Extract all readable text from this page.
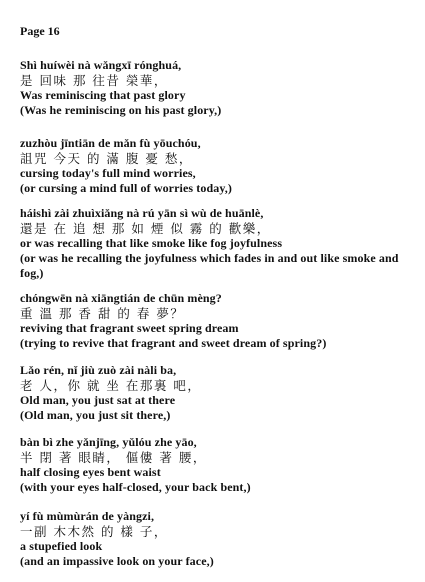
Page 16
Shì huíwèi nà wǎngxī rónghuá,
是 回味 那 往昔 榮華，
Was reminiscing that past glory
(Was he reminiscing on his past glory,)
zuzhòu jīntiān de mǎn fù yōuchóu,
詛咒 今天 的 滿 腹 憂 愁，
cursing today's full mind worries,
(or cursing a mind full of worries today,)
háishì zài zhuìxiǎng nà rú yān sì wù de huānlè,
還是 在 追 想 那 如 煙 似 霧 的 歡樂，
or was recalling that like smoke like fog joyfulness
(or was he recalling the joyfulness which fades in and out like smoke and fog,)
chóngwēn nà xiāngtián de chūn mèng?
重 溫 那 香 甜 的 春 夢？
reviving that fragrant sweet spring dream
(trying to revive that fragrant and sweet dream of spring?)
Lǎo rén, nǐ jiù zuò zài nàli ba,
老 人，你 就 坐 在那裏 吧，
Old man, you just sat at there
(Old man, you just sit there,)
bàn bì zhe yǎnjīng, yǔlóu zhe yāo,
半 閉 著 眼睛， 傴僂 著 腰，
half closing eyes bent waist
(with your eyes half-closed, your back bent,)
yí fù mùmùrán de yàngzi,
一副 木木然 的 樣 子，
a stupefied look
(and an impassive look on your face,)
